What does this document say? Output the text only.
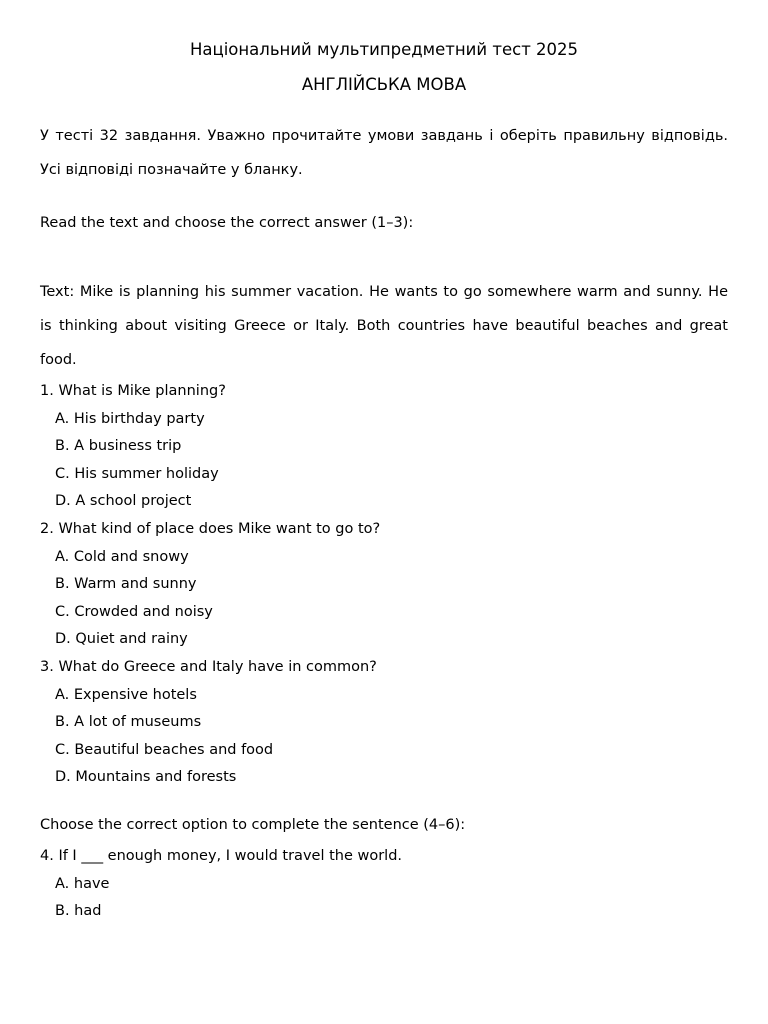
Національний мультипредметний тест 2025
АНГЛІЙСЬКА МОВА

У тесті 32 завдання. Уважно прочитайте умови завдань і оберіть правильну відповідь. Усі відповіді позначайте у бланку.

Read the text and choose the correct answer (1–3):

Text: Mike is planning his summer vacation. He wants to go somewhere warm and sunny. He is thinking about visiting Greece or Italy. Both countries have beautiful beaches and great food.

1. What is Mike planning?
A. His birthday party
B. A business trip
C. His summer holiday
D. A school project
2. What kind of place does Mike want to go to?
A. Cold and snowy
B. Warm and sunny
C. Crowded and noisy
D. Quiet and rainy
3. What do Greece and Italy have in common?
A. Expensive hotels
B. A lot of museums
C. Beautiful beaches and food
D. Mountains and forests

Choose the correct option to complete the sentence (4–6):

4. If I ___ enough money, I would travel the world.
A. have
B. had
